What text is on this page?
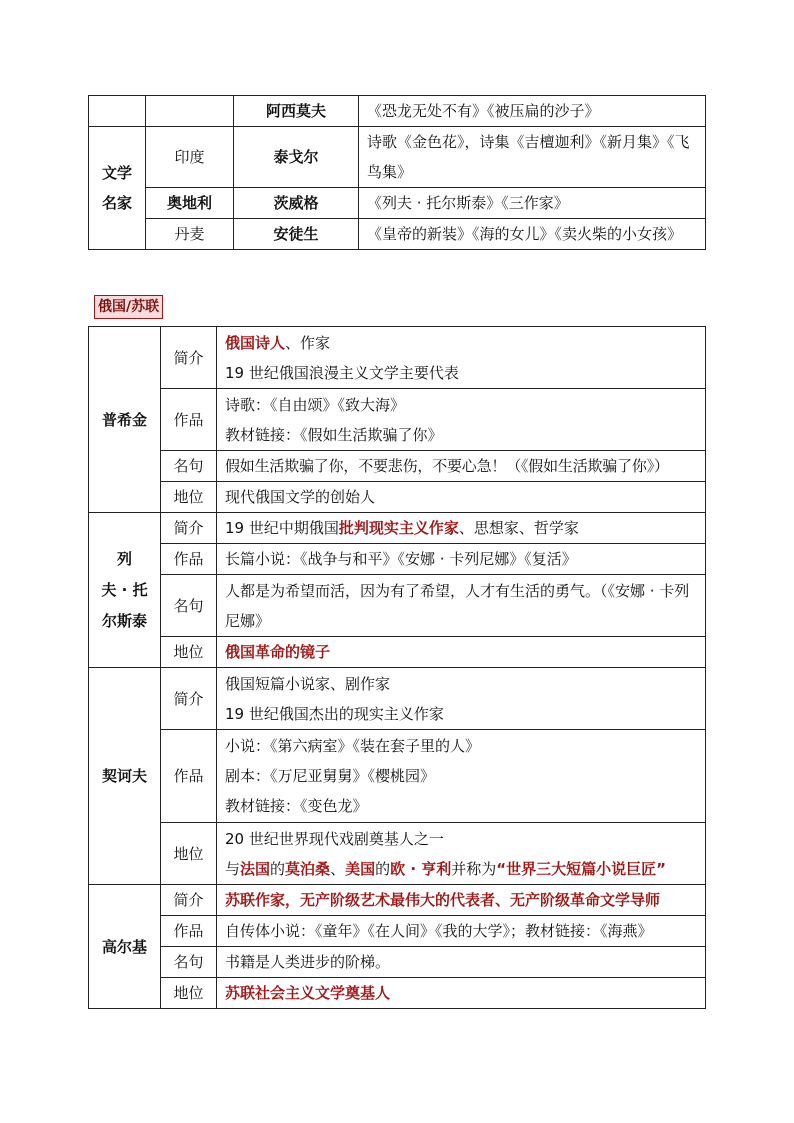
		阿西莫夫	《恐龙无处不有》《被压扁的沙子》

文学
名家	印度	泰戈尔	诗歌《金色花》，诗集《吉檀迦利》《新月集》《飞鸟集》

	奥地利	茨威格	《列夫 · 托尔斯泰》《三作家》
	丹麦	安徒生	《皇帝的新装》《海的女儿》《卖火柴的小女孩》
俄国/苏联
普希金	简介	俄国诗人、作家
19 世纪俄国浪漫主义文学主要代表

	作品	诗歌：《自由颂》《致大海》
教材链接：《假如生活欺骗了你》

	名句	假如生活欺骗了你，不要悲伤，不要心急！（《假如生活欺骗了你》）
	地位	现代俄国文学的创始人

列
夫 · 托
尔斯泰	简介	19 世纪中期俄国批判现实主义作家、思想家、哲学家
	作品	长篇小说：《战争与和平》《安娜 · 卡列尼娜》《复活》
	名句	人都是为希望而活，因为有了希望，人才有生活的勇气。（《安娜 · 卡列尼娜》

	地位	俄国革命的镜子
契诃夫	简介	俄国短篇小说家、剧作家
19 世纪俄国杰出的现实主义作家

	作品	小说：《第六病室》《装在套子里的人》
剧本：《万尼亚舅舅》《樱桃园》
教材链接：《变色龙》

	地位	20 世纪世界现代戏剧奠基人之一
与法国的莫泊桑、美国的欧 · 亨利并称为“世界三大短篇小说巨匠”

高尔基	简介	苏联作家，无产阶级艺术最伟大的代表者、无产阶级革命文学导师
	作品	自传体小说：《童年》《在人间》《我的大学》；教材链接：《海燕》
	名句	书籍是人类进步的阶梯。
	地位	苏联社会主义文学奠基人
